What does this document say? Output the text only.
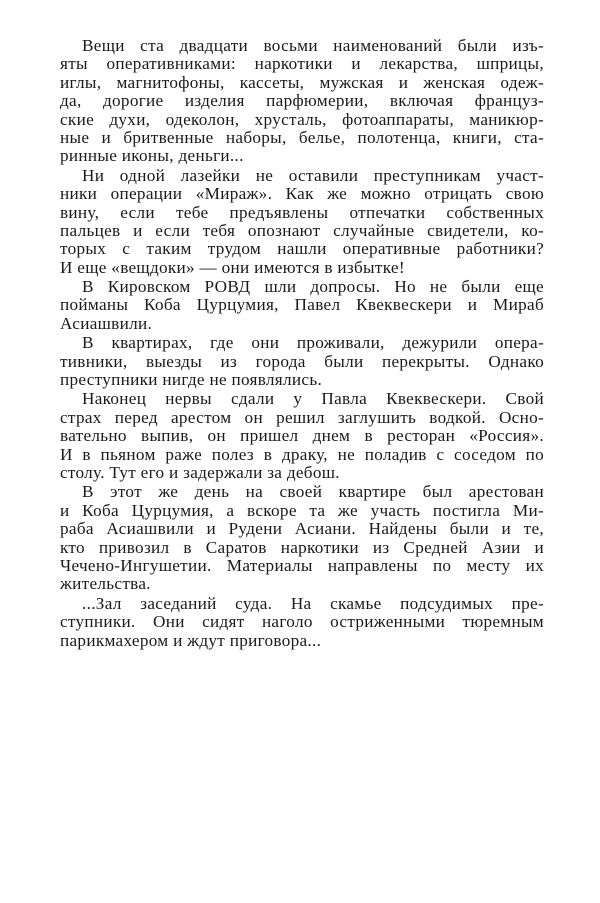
Вещи ста двадцати восьми наименований были изъ-
яты оперативниками: наркотики и лекарства, шприцы,
иглы, магнитофоны, кассеты, мужская и женская одеж-
да, дорогие изделия парфюмерии, включая француз-
ские духи, одеколон, хрусталь, фотоаппараты, маникюр-
ные и бритвенные наборы, белье, полотенца, книги, ста-
ринные иконы, деньги...
Ни одной лазейки не оставили преступникам участ-
ники операции «Мираж». Как же можно отрицать свою
вину, если тебе предъявлены отпечатки собственных
пальцев и если тебя опознают случайные свидетели, ко-
торых с таким трудом нашли оперативные работники?
И еще «вещдоки» — они имеются в избытке!
В Кировском РОВД шли допросы. Но не были еще
пойманы Коба Цурцумия, Павел Квеквескери и Мираб
Асиашвили.
В квартирах, где они проживали, дежурили опера-
тивники, выезды из города были перекрыты. Однако
преступники нигде не появлялись.
Наконец нервы сдали у Павла Квеквескери. Свой
страх перед арестом он решил заглушить водкой. Осно-
вательно выпив, он пришел днем в ресторан «Россия».
И в пьяном раже полез в драку, не поладив с соседом по
столу. Тут его и задержали за дебош.
В этот же день на своей квартире был арестован
и Коба Цурцумия, а вскоре та же участь постигла Ми-
раба Асиашвили и Рудени Асиани. Найдены были и те,
кто привозил в Саратов наркотики из Средней Азии и
Чечено-Ингушетии. Материалы направлены по месту их
жительства.
...Зал заседаний суда. На скамье подсудимых пре-
ступники. Они сидят наголо остриженными тюремным
парикмахером и ждут приговора...
